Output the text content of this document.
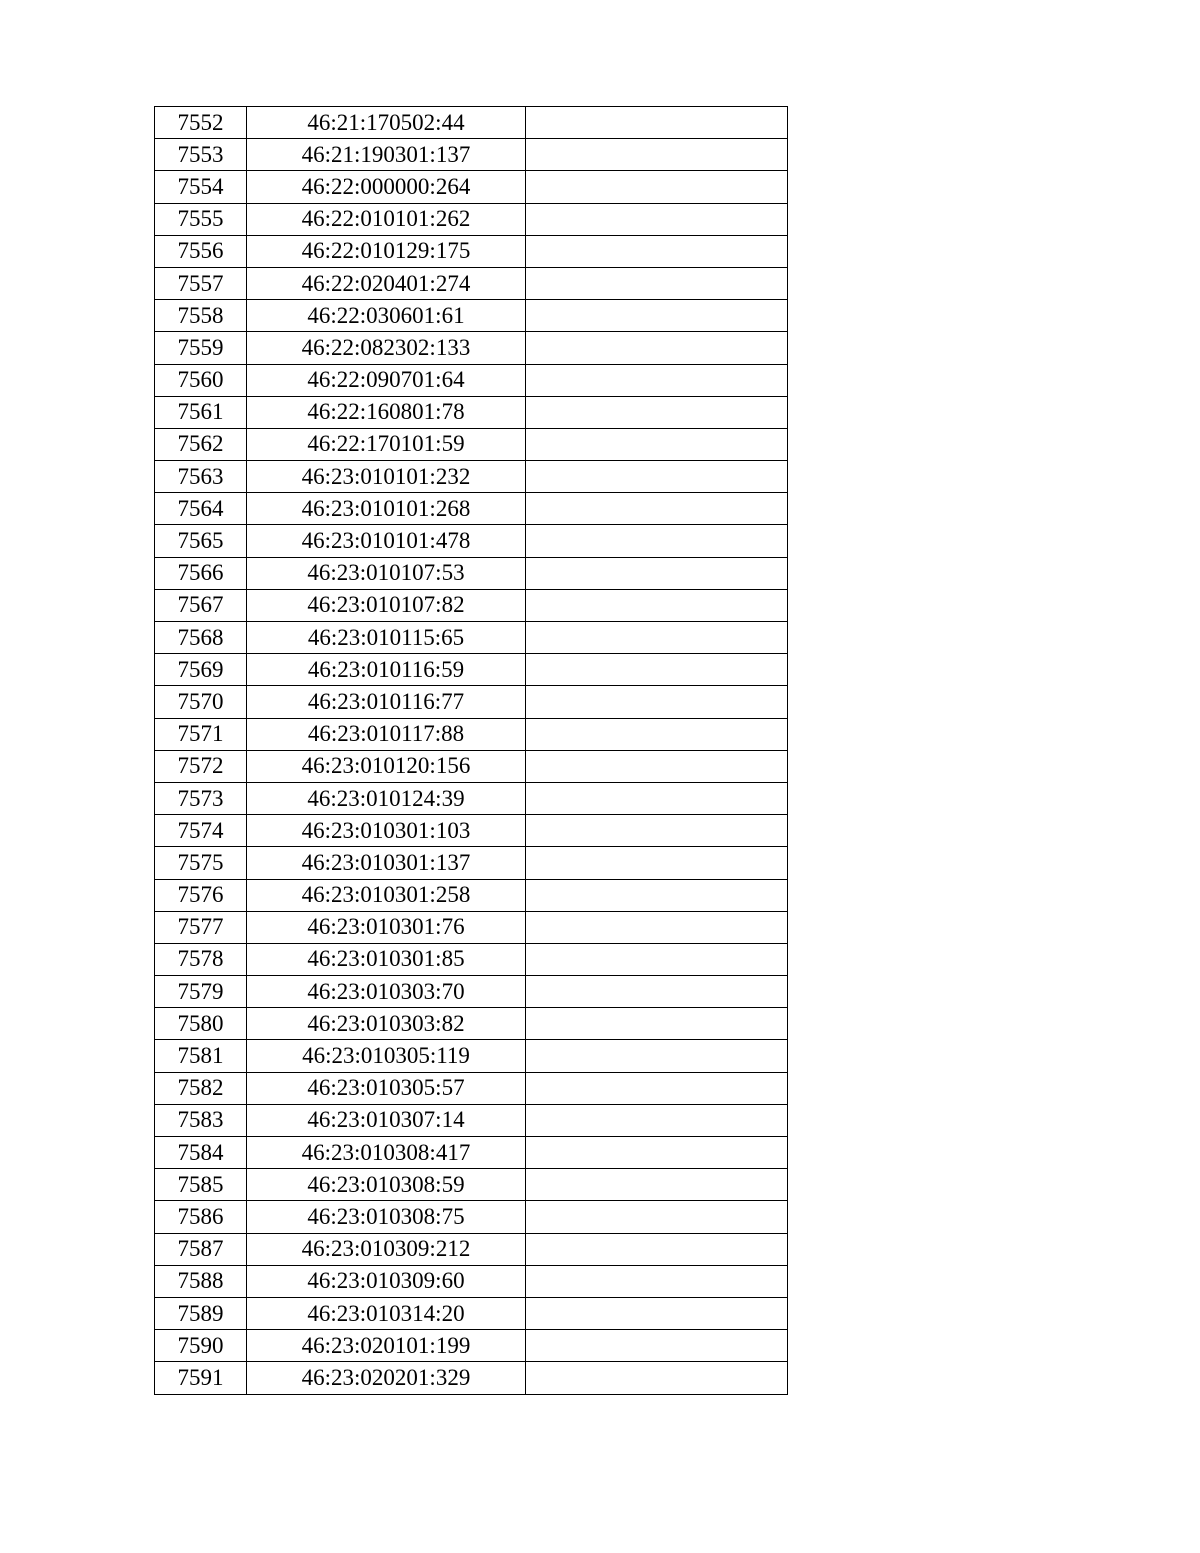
7552	46:21:170502:44	
7553	46:21:190301:137	
7554	46:22:000000:264	
7555	46:22:010101:262	
7556	46:22:010129:175	
7557	46:22:020401:274	
7558	46:22:030601:61	
7559	46:22:082302:133	
7560	46:22:090701:64	
7561	46:22:160801:78	
7562	46:22:170101:59	
7563	46:23:010101:232	
7564	46:23:010101:268	
7565	46:23:010101:478	
7566	46:23:010107:53	
7567	46:23:010107:82	
7568	46:23:010115:65	
7569	46:23:010116:59	
7570	46:23:010116:77	
7571	46:23:010117:88	
7572	46:23:010120:156	
7573	46:23:010124:39	
7574	46:23:010301:103	
7575	46:23:010301:137	
7576	46:23:010301:258	
7577	46:23:010301:76	
7578	46:23:010301:85	
7579	46:23:010303:70	
7580	46:23:010303:82	
7581	46:23:010305:119	
7582	46:23:010305:57	
7583	46:23:010307:14	
7584	46:23:010308:417	
7585	46:23:010308:59	
7586	46:23:010308:75	
7587	46:23:010309:212	
7588	46:23:010309:60	
7589	46:23:010314:20	
7590	46:23:020101:199	
7591	46:23:020201:329	
